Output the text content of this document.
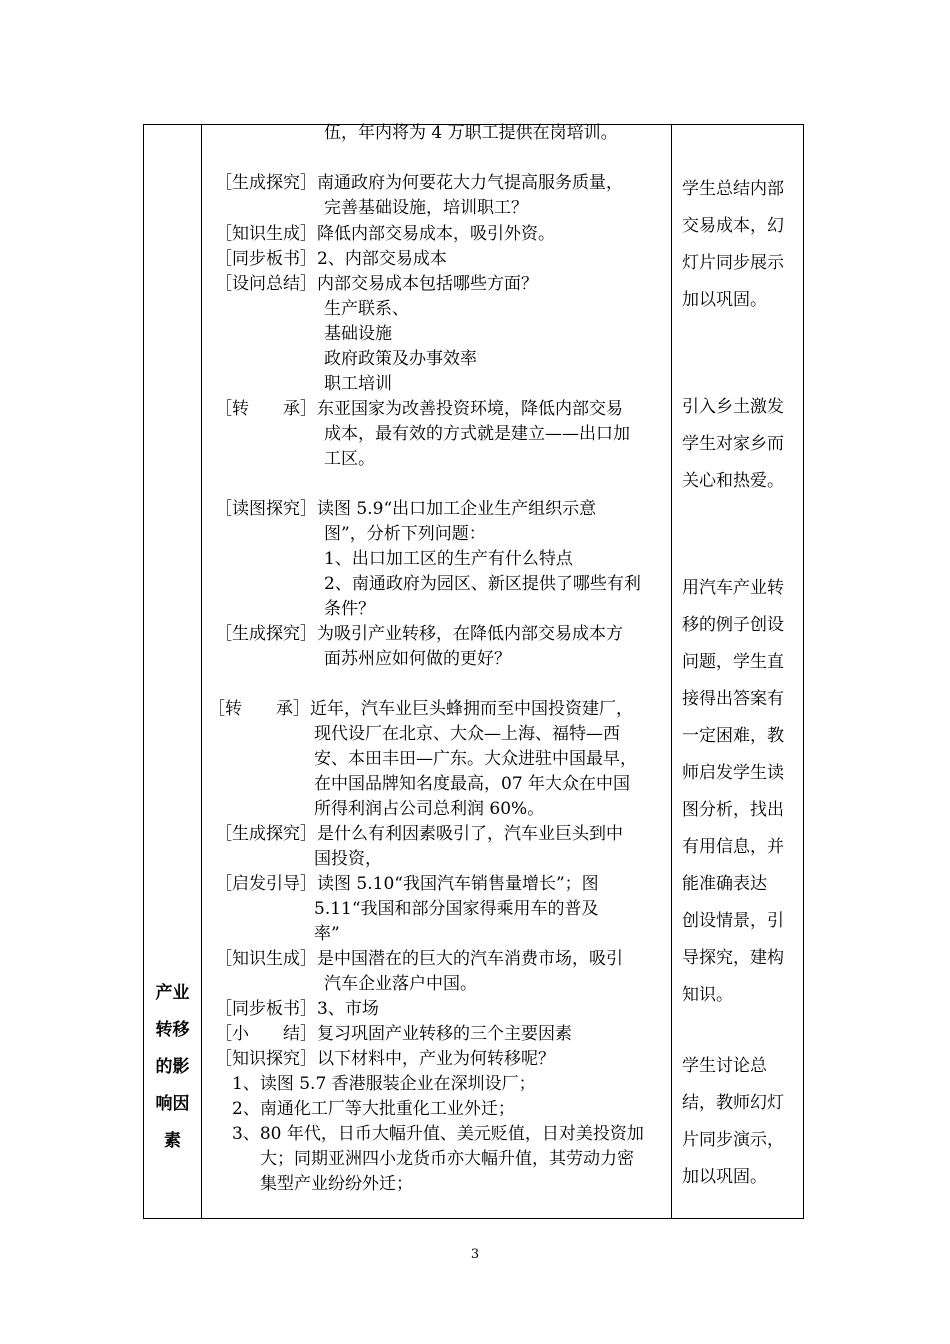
产业
转移
的影
响因
素
学生总结内部
交易成本，幻
灯片同步展示
加以巩固。
引入乡土激发
学生对家乡而
关心和热爱。
用汽车产业转
移的例子创设
问题，学生直
接得出答案有
一定困难，教
师启发学生读
图分析，找出
有用信息，并
能准确表达
创设情景，引
导探究，建构
知识。
学生讨论总
结，教师幻灯
片同步演示，
加以巩固。
伍，年内将为 4 万职工提供在岗培训。
［生成探究］南通政府为何要花大力气提高服务质量，
完善基础设施，培训职工？
［知识生成］降低内部交易成本，吸引外资。
［同步板书］2、内部交易成本
［设问总结］内部交易成本包括哪些方面？
生产联系、
基础设施
政府政策及办事效率
职工培训
［转　　承］东亚国家为改善投资环境，降低内部交易
成本，最有效的方式就是建立——出口加
工区。
［读图探究］读图 5.9“出口加工企业生产组织示意
图”，分析下列问题：
1、出口加工区的生产有什么特点
2、南通政府为园区、新区提供了哪些有利
条件？
［生成探究］为吸引产业转移，在降低内部交易成本方
面苏州应如何做的更好？
［转　　承］近年，汽车业巨头蜂拥而至中国投资建厂，
现代设厂在北京、大众—上海、福特—西
安、本田丰田—广东。大众进驻中国最早，
在中国品牌知名度最高，07 年大众在中国
所得利润占公司总利润 60%。
［生成探究］是什么有利因素吸引了，汽车业巨头到中
国投资，
［启发引导］读图 5.10“我国汽车销售量增长”；图
5.11“我国和部分国家得乘用车的普及
率”
［知识生成］是中国潜在的巨大的汽车消费市场，吸引
汽车企业落户中国。
［同步板书］3、市场
［小　　结］复习巩固产业转移的三个主要因素
［知识探究］以下材料中，产业为何转移呢？
1、读图 5.7 香港服装企业在深圳设厂；
2、南通化工厂等大批重化工业外迁；
3、80 年代，日币大幅升值、美元贬值，日对美投资加
大；同期亚洲四小龙货币亦大幅升值，其劳动力密
集型产业纷纷外迁；
3
